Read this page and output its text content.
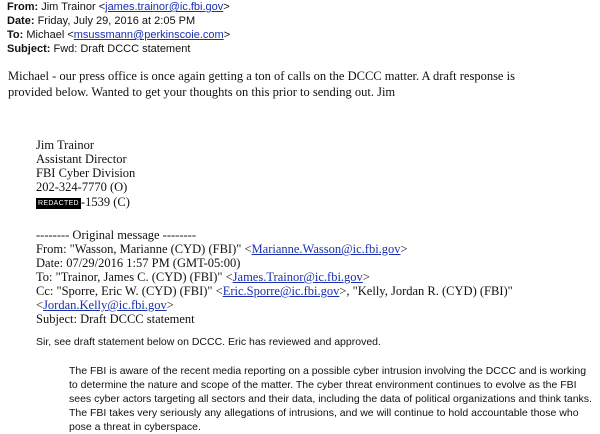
From: Jim Trainor <james.trainor@ic.fbi.gov>
Date: Friday, July 29, 2016 at 2:05 PM
To: Michael <msussmann@perkinscoie.com>
Subject: Fwd: Draft DCCC statement
Michael - our press office is once again getting a ton of calls on the DCCC matter. A draft response is
provided below. Wanted to get your thoughts on this prior to sending out. Jim
Jim Trainor
Assistant Director
FBI Cyber Division
202-324-7770 (O)
REDACTED -1539 (C)
-------- Original message --------
From: "Wasson, Marianne (CYD) (FBI)" <Marianne.Wasson@ic.fbi.gov>
Date: 07/29/2016 1:57 PM (GMT-05:00)
To: "Trainor, James C. (CYD) (FBI)" <James.Trainor@ic.fbi.gov>
Cc: "Sporre, Eric W. (CYD) (FBI)" <Eric.Sporre@ic.fbi.gov>, "Kelly, Jordan R. (CYD) (FBI)"
<Jordan.Kelly@ic.fbi.gov>
Subject: Draft DCCC statement
Sir, see draft statement below on DCCC. Eric has reviewed and approved.
The FBI is aware of the recent media reporting on a possible cyber intrusion involving the DCCC and is working to determine the nature and scope of the matter. The cyber threat environment continues to evolve as the FBI sees cyber actors targeting all sectors and their data, including the data of political organizations and think tanks. The FBI takes very seriously any allegations of intrusions, and we will continue to hold accountable those who pose a threat in cyberspace.
